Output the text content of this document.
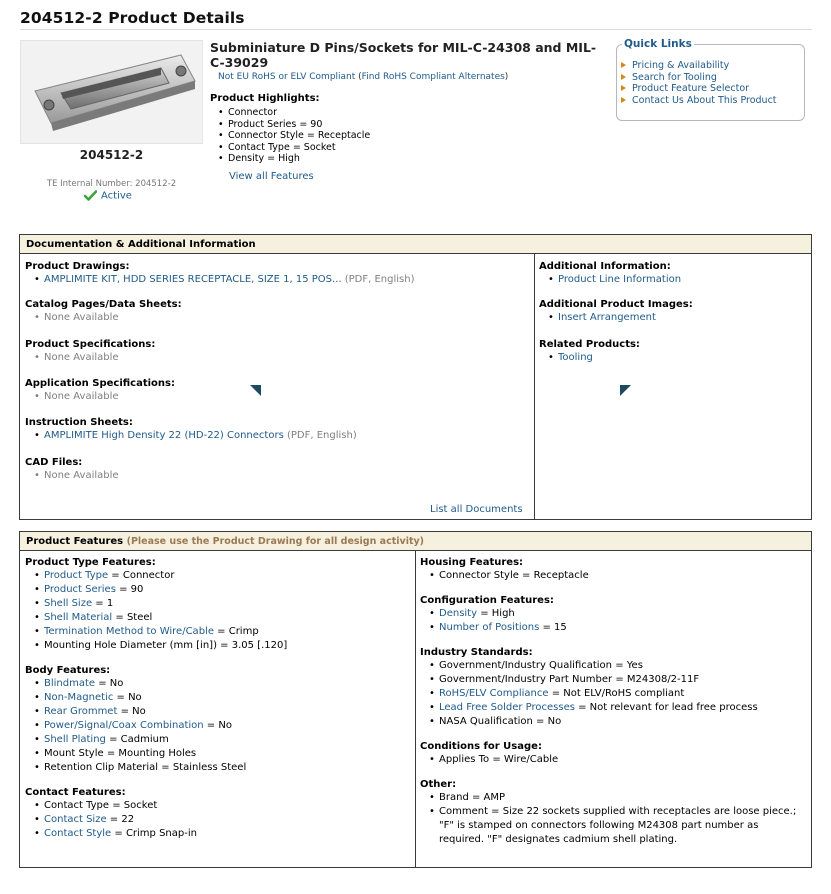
204512-2 Product Details
204512-2
TE Internal Number: 204512-2
Active
Subminiature D Pins/Sockets for MIL-C-24308 and MIL-C-39029
Not EU RoHS or ELV Compliant (Find RoHS Compliant Alternates)
Product Highlights:
• Connector
• Product Series = 90
• Connector Style = Receptacle
• Contact Type = Socket
• Density = High
View all Features
Quick Links
Pricing & Availability
Search for Tooling
Product Feature Selector
Contact Us About This Product
Documentation & Additional Information
Product Drawings:
• AMPLIMITE KIT, HDD SERIES RECEPTACLE, SIZE 1, 15 POS... (PDF, English)
Catalog Pages/Data Sheets:
• None Available
Product Specifications:
• None Available
Application Specifications:
• None Available
Instruction Sheets:
• AMPLIMITE High Density 22 (HD-22) Connectors (PDF, English)
CAD Files:
• None Available
List all Documents
Additional Information:
• Product Line Information
Additional Product Images:
• Insert Arrangement
Related Products:
• Tooling
Product Features (Please use the Product Drawing for all design activity)
Product Type Features:
• Product Type = Connector
• Product Series = 90
• Shell Size = 1
• Shell Material = Steel
• Termination Method to Wire/Cable = Crimp
• Mounting Hole Diameter (mm [in]) = 3.05 [.120]
Body Features:
• Blindmate = No
• Non-Magnetic = No
• Rear Grommet = No
• Power/Signal/Coax Combination = No
• Shell Plating = Cadmium
• Mount Style = Mounting Holes
• Retention Clip Material = Stainless Steel
Contact Features:
• Contact Type = Socket
• Contact Size = 22
• Contact Style = Crimp Snap-in
Housing Features:
• Connector Style = Receptacle
Configuration Features:
• Density = High
• Number of Positions = 15
Industry Standards:
• Government/Industry Qualification = Yes
• Government/Industry Part Number = M24308/2-11F
• RoHS/ELV Compliance = Not ELV/RoHS compliant
• Lead Free Solder Processes = Not relevant for lead free process
• NASA Qualification = No
Conditions for Usage:
• Applies To = Wire/Cable
Other:
• Brand = AMP
• Comment = Size 22 sockets supplied with receptacles are loose piece.; "F" is stamped on connectors following M24308 part number as required. "F" designates cadmium shell plating.
